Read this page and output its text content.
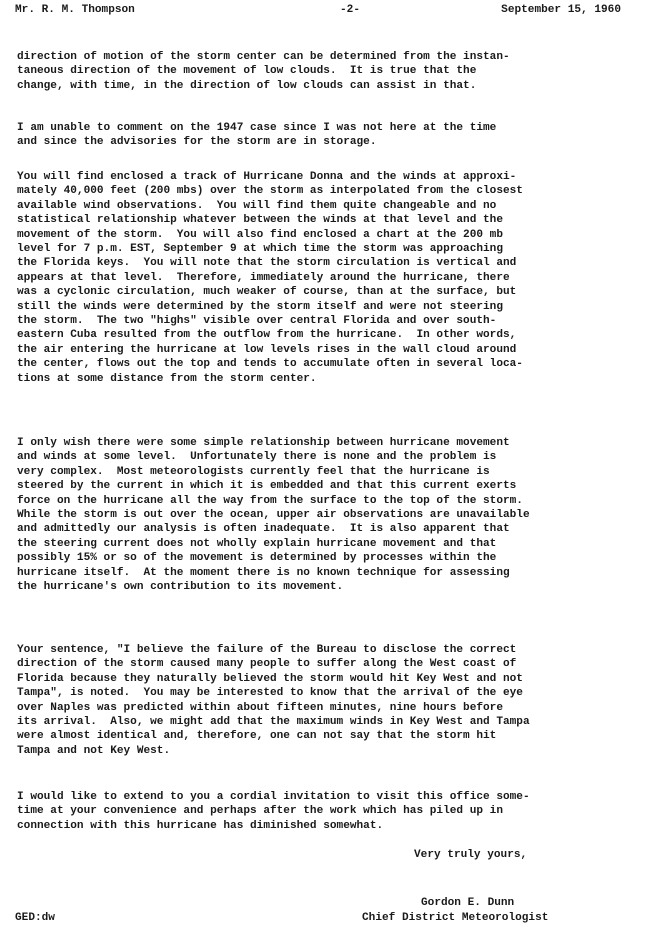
Mr. R. M. Thompson	-2-	September 15, 1960
direction of motion of the storm center can be determined from the instan-
taneous direction of the movement of low clouds.  It is true that the
change, with time, in the direction of low clouds can assist in that.
I am unable to comment on the 1947 case since I was not here at the time
and since the advisories for the storm are in storage.
You will find enclosed a track of Hurricane Donna and the winds at approxi-
mately 40,000 feet (200 mbs) over the storm as interpolated from the closest
available wind observations.  You will find them quite changeable and no
statistical relationship whatever between the winds at that level and the
movement of the storm.  You will also find enclosed a chart at the 200 mb
level for 7 p.m. EST, September 9 at which time the storm was approaching
the Florida keys.  You will note that the storm circulation is vertical and
appears at that level.  Therefore, immediately around the hurricane, there
was a cyclonic circulation, much weaker of course, than at the surface, but
still the winds were determined by the storm itself and were not steering
the storm.  The two "highs" visible over central Florida and over south-
eastern Cuba resulted from the outflow from the hurricane.  In other words,
the air entering the hurricane at low levels rises in the wall cloud around
the center, flows out the top and tends to accumulate often in several loca-
tions at some distance from the storm center.
I only wish there were some simple relationship between hurricane movement
and winds at some level.  Unfortunately there is none and the problem is
very complex.  Most meteorologists currently feel that the hurricane is
steered by the current in which it is embedded and that this current exerts
force on the hurricane all the way from the surface to the top of the storm.
While the storm is out over the ocean, upper air observations are unavailable
and admittedly our analysis is often inadequate.  It is also apparent that
the steering current does not wholly explain hurricane movement and that
possibly 15% or so of the movement is determined by processes within the
hurricane itself.  At the moment there is no known technique for assessing
the hurricane's own contribution to its movement.
Your sentence, "I believe the failure of the Bureau to disclose the correct
direction of the storm caused many people to suffer along the West coast of
Florida because they naturally believed the storm would hit Key West and not
Tampa", is noted.  You may be interested to know that the arrival of the eye
over Naples was predicted within about fifteen minutes, nine hours before
its arrival.  Also, we might add that the maximum winds in Key West and Tampa
were almost identical and, therefore, one can not say that the storm hit
Tampa and not Key West.
I would like to extend to you a cordial invitation to visit this office some-
time at your convenience and perhaps after the work which has piled up in
connection with this hurricane has diminished somewhat.
Very truly yours,
Gordon E. Dunn
Chief District Meteorologist
GED:dw
